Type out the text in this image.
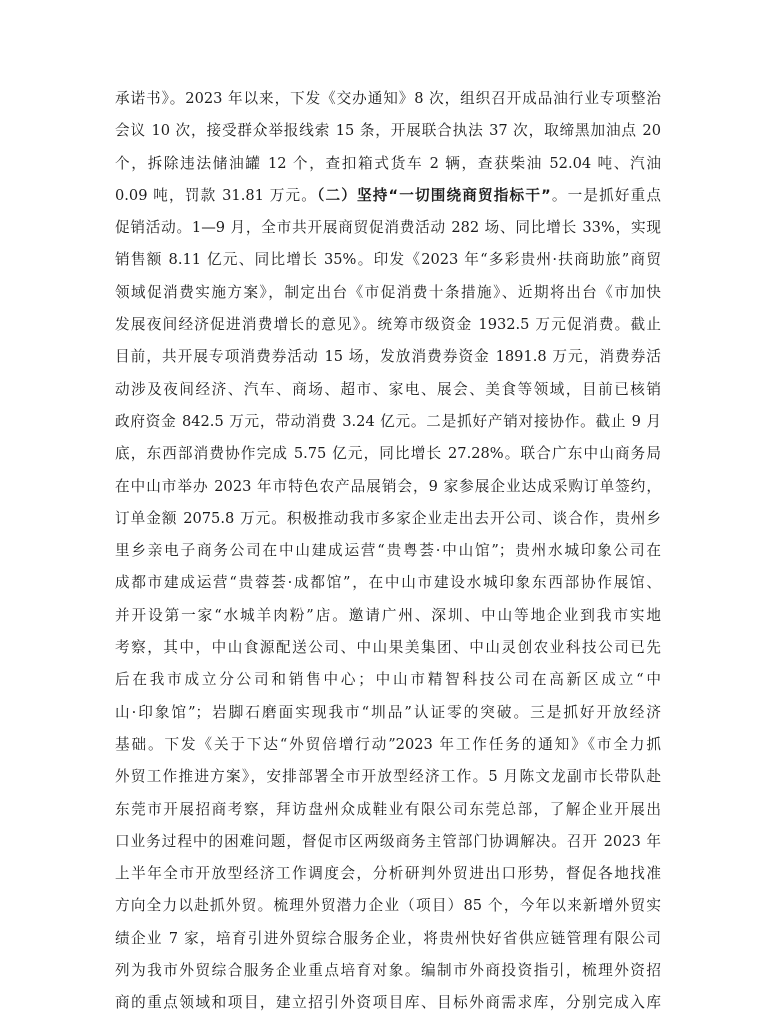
承诺书》。2023 年以来，下发《交办通知》8 次，组织召开成品油行业专项整治
会议 10 次，接受群众举报线索 15 条，开展联合执法 37 次，取缔黑加油点 20
个，拆除违法储油罐 12 个，查扣箱式货车 2 辆，查获柴油 52.04 吨、汽油
0.09 吨，罚款 31.81 万元。（二）坚持“一切围绕商贸指标干”。一是抓好重点
促销活动。1—9 月，全市共开展商贸促消费活动 282 场、同比增长 33%，实现
销售额 8.11 亿元、同比增长 35%。印发《2023 年“多彩贵州·扶商助旅”商贸
领域促消费实施方案》，制定出台《市促消费十条措施》、近期将出台《市加快
发展夜间经济促进消费增长的意见》。统筹市级资金 1932.5 万元促消费。截止
目前，共开展专项消费券活动 15 场，发放消费券资金 1891.8 万元，消费券活
动涉及夜间经济、汽车、商场、超市、家电、展会、美食等领域，目前已核销
政府资金 842.5 万元，带动消费 3.24 亿元。二是抓好产销对接协作。截止 9 月
底，东西部消费协作完成 5.75 亿元，同比增长 27.28%。联合广东中山商务局
在中山市举办 2023 年市特色农产品展销会，9 家参展企业达成采购订单签约，
订单金额 2075.8 万元。积极推动我市多家企业走出去开公司、谈合作，贵州乡
里乡亲电子商务公司在中山建成运营“贵粤荟·中山馆”；贵州水城印象公司在
成都市建成运营“贵蓉荟·成都馆”，在中山市建设水城印象东西部协作展馆、
并开设第一家“水城羊肉粉”店。邀请广州、深圳、中山等地企业到我市实地
考察，其中，中山食源配送公司、中山果美集团、中山灵创农业科技公司已先
后在我市成立分公司和销售中心；中山市精智科技公司在高新区成立“中
山·印象馆”；岩脚石磨面实现我市“圳品”认证零的突破。三是抓好开放经济
基础。下发《关于下达“外贸倍增行动”2023 年工作任务的通知》《市全力抓
外贸工作推进方案》，安排部署全市开放型经济工作。5 月陈文龙副市长带队赴
东莞市开展招商考察，拜访盘州众成鞋业有限公司东莞总部，了解企业开展出
口业务过程中的困难问题，督促市区两级商务主管部门协调解决。召开 2023 年
上半年全市开放型经济工作调度会，分析研判外贸进出口形势，督促各地找准
方向全力以赴抓外贸。梳理外贸潜力企业（项目）85 个，今年以来新增外贸实
绩企业 7 家，培育引进外贸综合服务企业，将贵州快好省供应链管理有限公司
列为我市外贸综合服务企业重点培育对象。编制市外商投资指引，梳理外资招
商的重点领域和项目，建立招引外资项目库、目标外商需求库，分别完成入库
